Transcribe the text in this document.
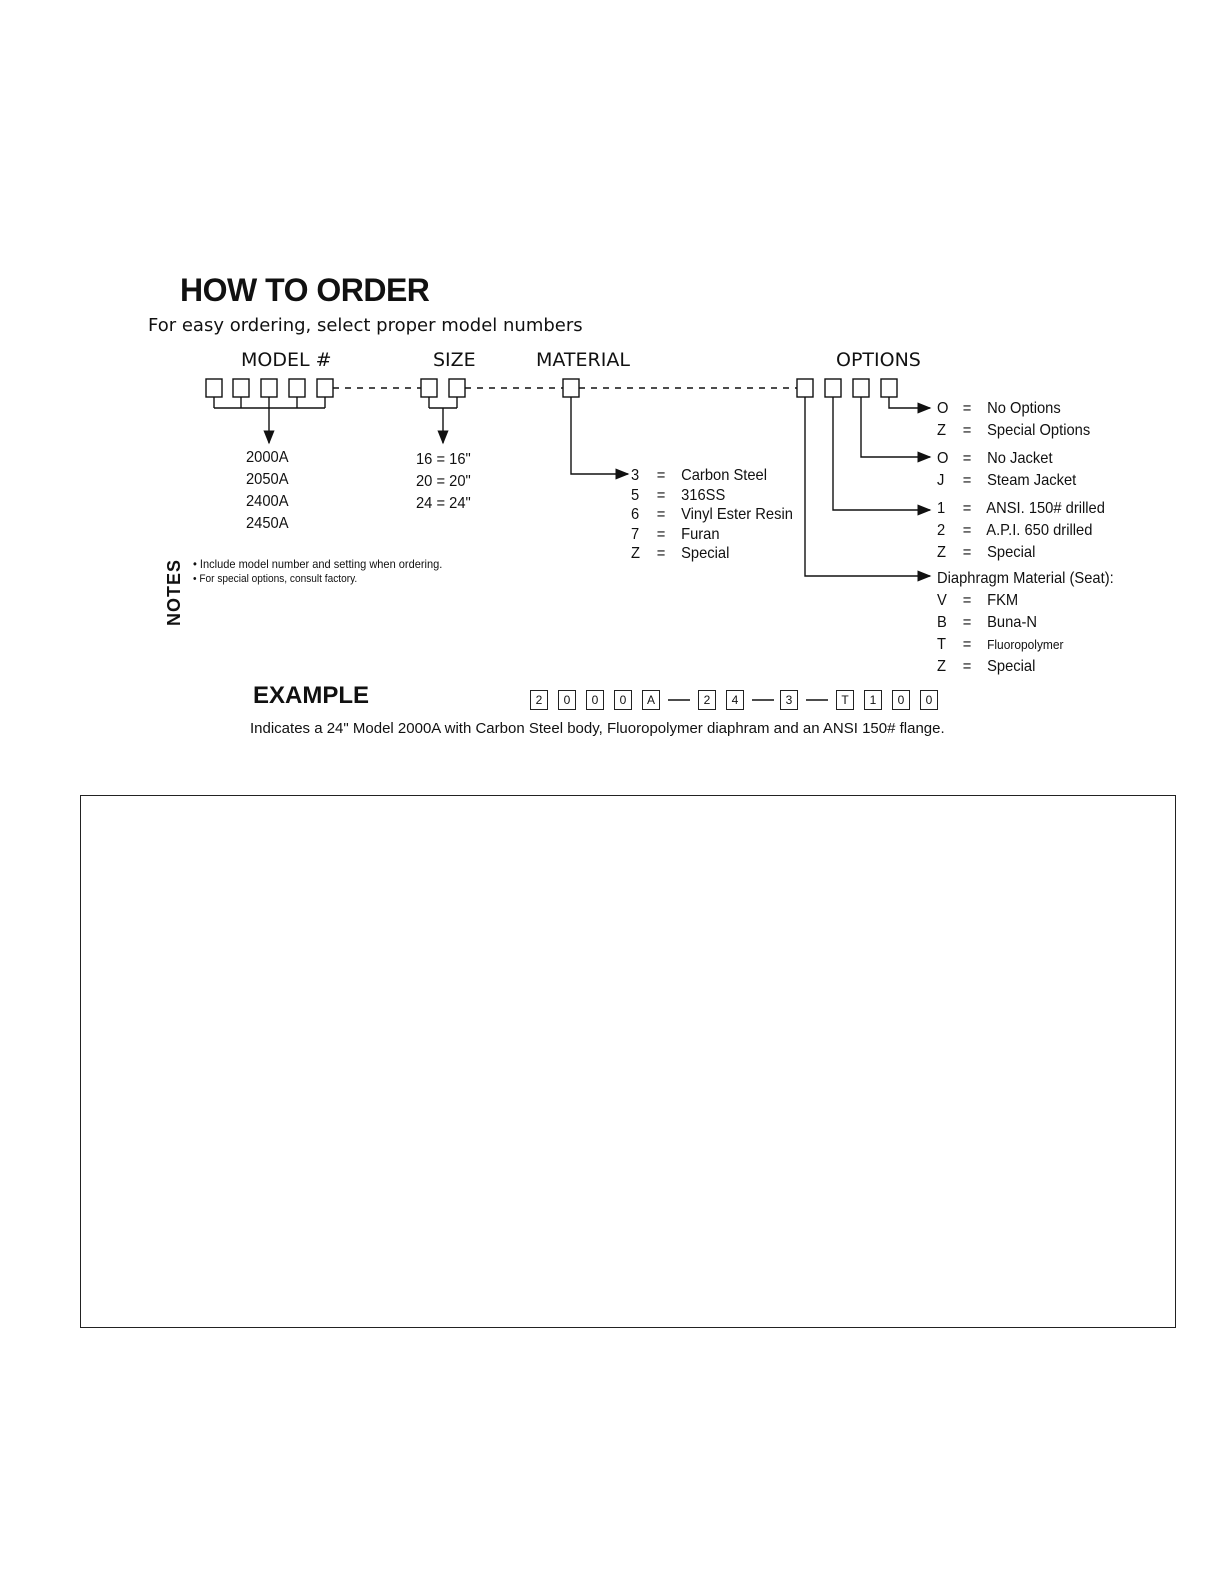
HOW TO ORDER
For easy ordering, select proper model numbers
MODEL #	SIZE	MATERIAL	OPTIONS
2000A
2050A
2400A
2450A
16 = 16"
20 = 20"
24 = 24"
3 = Carbon Steel
5 = 316SS
6 = Vinyl Ester Resin
7 = Furan
Z = Special
O = No Options
Z = Special Options
O = No Jacket
J = Steam Jacket
1 = ANSI. 150# drilled
2 = A.P.I. 650 drilled
Z = Special
Diaphragm Material (Seat):
V = FKM
B = Buna-N
T = Fluoropolymer
Z = Special
NOTES • Include model number and setting when ordering.
• For special options, consult factory.
EXAMPLE	2	0	0	0	A	2	4	3	T	1	0	0
Indicates a 24" Model 2000A with Carbon Steel body, Fluoropolymer diaphram and an ANSI 150# flange.
